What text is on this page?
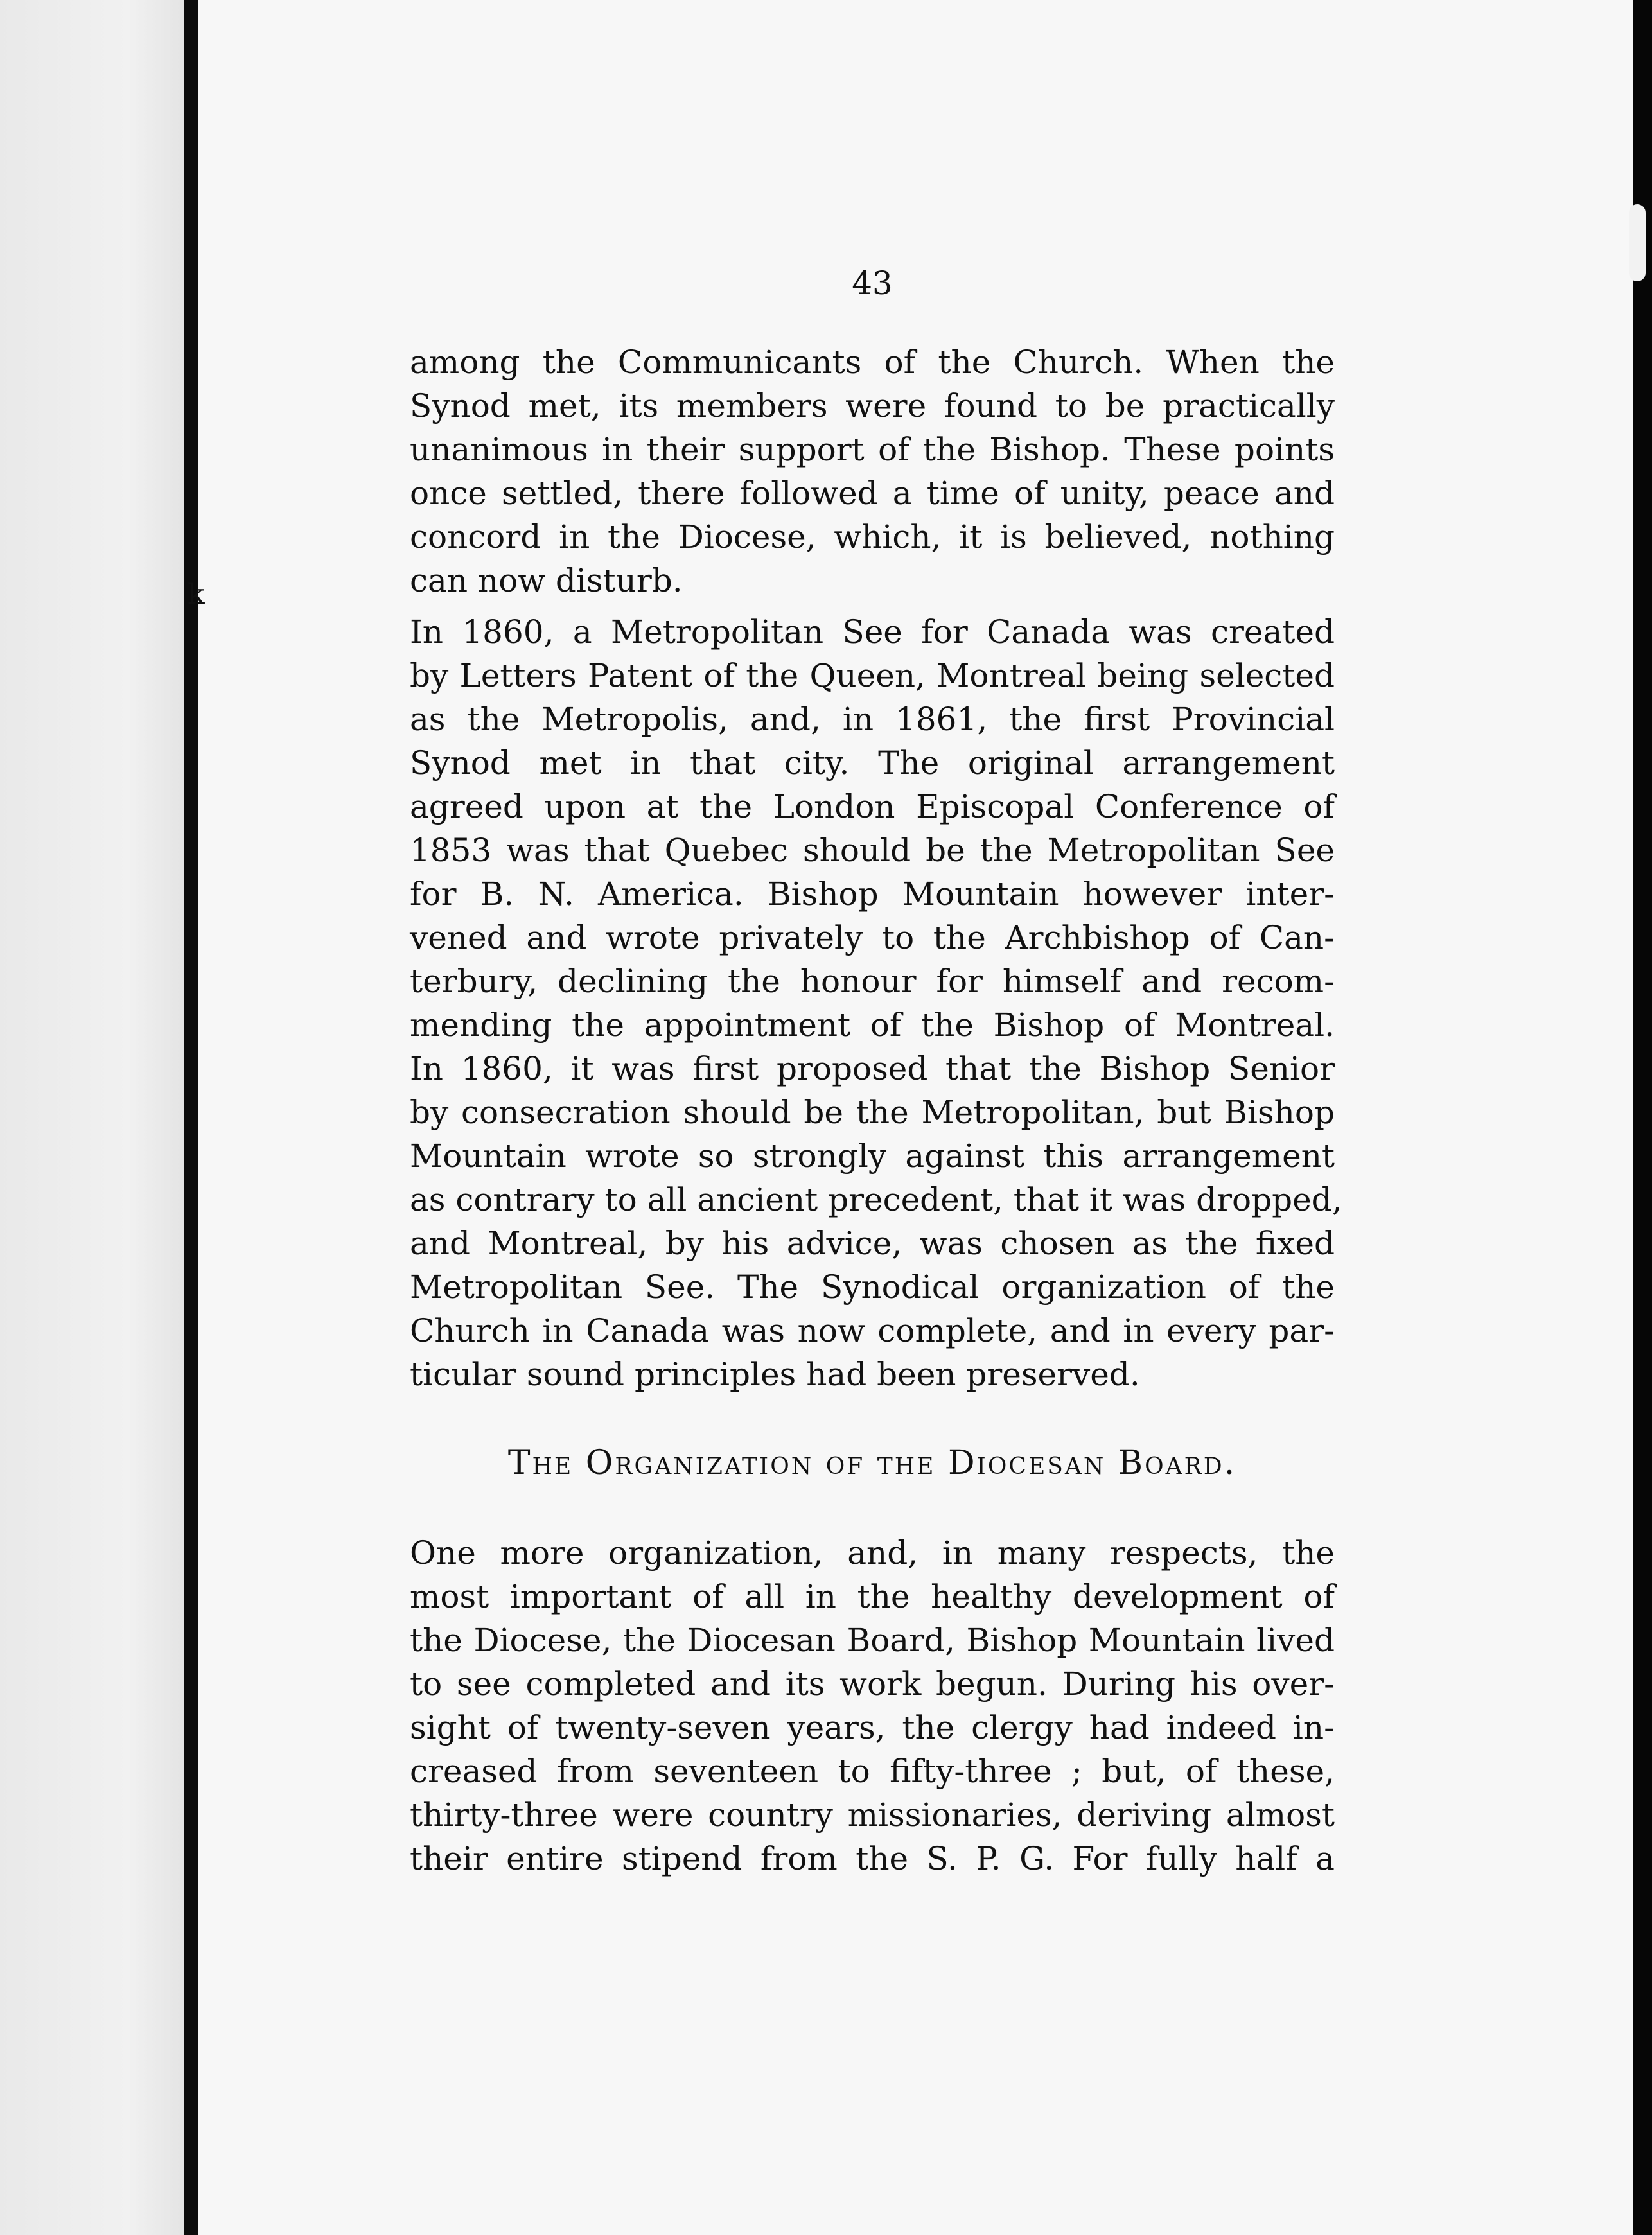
k
43
among the Communicants of the Church. When the
Synod met, its members were found to be practically
unanimous in their support of the Bishop. These points
once settled, there followed a time of unity, peace and
concord in the Diocese, which, it is believed, nothing
can now disturb.
In 1860, a Metropolitan See for Canada was created
by Letters Patent of the Queen, Montreal being selected
as the Metropolis, and, in 1861, the first Provincial
Synod met in that city. The original arrangement
agreed upon at the London Episcopal Conference of
1853 was that Quebec should be the Metropolitan See
for B. N. America. Bishop Mountain however inter-
vened and wrote privately to the Archbishop of Can-
terbury, declining the honour for himself and recom-
mending the appointment of the Bishop of Montreal.
In 1860, it was first proposed that the Bishop Senior
by consecration should be the Metropolitan, but Bishop
Mountain wrote so strongly against this arrangement
as contrary to all ancient precedent, that it was dropped,
and Montreal, by his advice, was chosen as the fixed
Metropolitan See. The Synodical organization of the
Church in Canada was now complete, and in every par-
ticular sound principles had been preserved.
The Organization of the Diocesan Board.
One more organization, and, in many respects, the
most important of all in the healthy development of
the Diocese, the Diocesan Board, Bishop Mountain lived
to see completed and its work begun. During his over-
sight of twenty-seven years, the clergy had indeed in-
creased from seventeen to fifty-three ; but, of these,
thirty-three were country missionaries, deriving almost
their entire stipend from the S. P. G. For fully half a
